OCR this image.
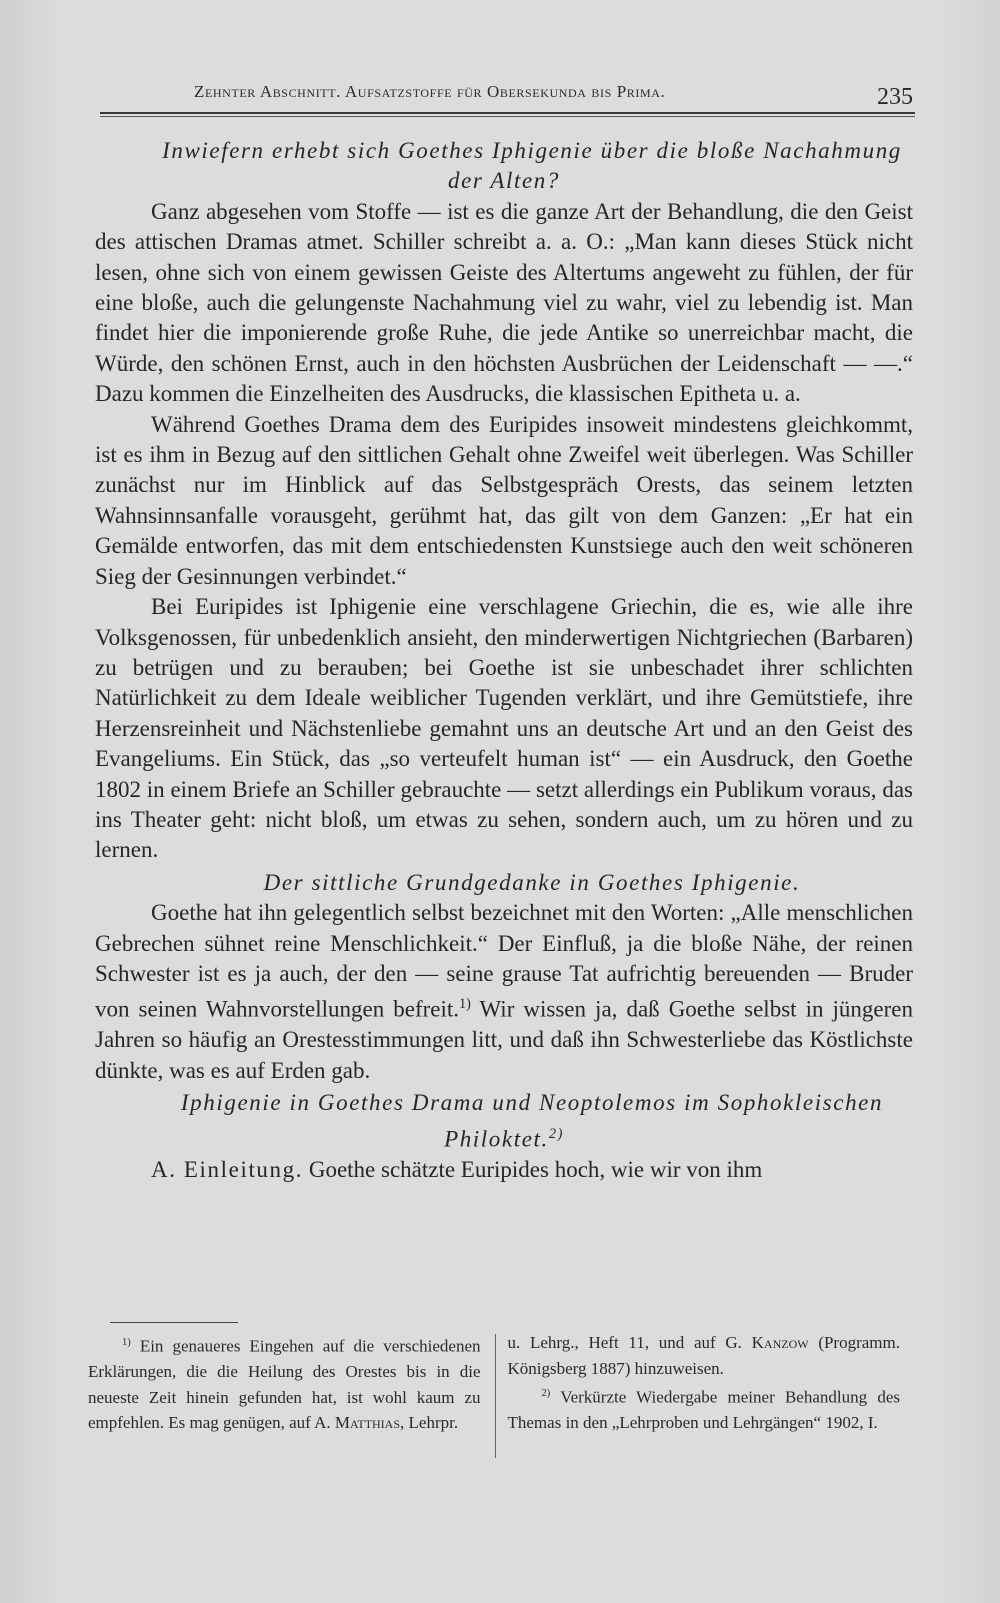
Zehnter Abschnitt. Aufsatzstoffe für Obersekunda bis Prima.	235

Inwiefern erhebt sich Goethes Iphigenie über die bloße Nachahmung der Alten?

Ganz abgesehen vom Stoffe — ist es die ganze Art der Behandlung, die den Geist des attischen Dramas atmet. Schiller schreibt a. a. O.: „Man kann dieses Stück nicht lesen, ohne sich von einem gewissen Geiste des Altertums angeweht zu fühlen, der für eine bloße, auch die gelungenste Nachahmung viel zu wahr, viel zu lebendig ist. Man findet hier die imponierende große Ruhe, die jede Antike so unerreichbar macht, die Würde, den schönen Ernst, auch in den höchsten Ausbrüchen der Leidenschaft — —.“ Dazu kommen die Einzelheiten des Ausdrucks, die klassischen Epitheta u. a.

Während Goethes Drama dem des Euripides insoweit mindestens gleichkommt, ist es ihm in Bezug auf den sittlichen Gehalt ohne Zweifel weit überlegen. Was Schiller zunächst nur im Hinblick auf das Selbstgespräch Orests, das seinem letzten Wahnsinnsanfalle vorausgeht, gerühmt hat, das gilt von dem Ganzen: „Er hat ein Gemälde entworfen, das mit dem entschiedensten Kunstsiege auch den weit schöneren Sieg der Gesinnungen verbindet.“

Bei Euripides ist Iphigenie eine verschlagene Griechin, die es, wie alle ihre Volksgenossen, für unbedenklich ansieht, den minderwertigen Nichtgriechen (Barbaren) zu betrügen und zu berauben; bei Goethe ist sie unbeschadet ihrer schlichten Natürlichkeit zu dem Ideale weiblicher Tugenden verklärt, und ihre Gemütstiefe, ihre Herzensreinheit und Nächstenliebe gemahnt uns an deutsche Art und an den Geist des Evangeliums. Ein Stück, das „so verteufelt human ist“ — ein Ausdruck, den Goethe 1802 in einem Briefe an Schiller gebrauchte — setzt allerdings ein Publikum voraus, das ins Theater geht: nicht bloß, um etwas zu sehen, sondern auch, um zu hören und zu lernen.

Der sittliche Grundgedanke in Goethes Iphigenie.

Goethe hat ihn gelegentlich selbst bezeichnet mit den Worten: „Alle menschlichen Gebrechen sühnet reine Menschlichkeit.“ Der Einfluß, ja die bloße Nähe, der reinen Schwester ist es ja auch, der den — seine grause Tat aufrichtig bereuenden — Bruder von seinen Wahnvorstellungen befreit.$^{1)}$ Wir wissen ja, daß Goethe selbst in jüngeren Jahren so häufig an Orestesstimmungen litt, und daß ihn Schwesterliebe das Köstlichste dünkte, was es auf Erden gab.

Iphigenie in Goethes Drama und Neoptolemos im Sophokleischen Philoktet.$^{2)}$

A. Einleitung. Goethe schätzte Euripides hoch, wie wir von ihm

$^{1)}$ Ein genaueres Eingehen auf die verschiedenen Erklärungen, die die Heilung des Orestes bis in die neueste Zeit hinein gefunden hat, ist wohl kaum zu empfehlen. Es mag genügen, auf A. Matthias, Lehrpr.

u. Lehrg., Heft 11, und auf G. Kanzow (Programm. Königsberg 1887) hinzuweisen.

$^{2)}$ Verkürzte Wiedergabe meiner Behandlung des Themas in den „Lehrproben und Lehrgängen“ 1902, I.
